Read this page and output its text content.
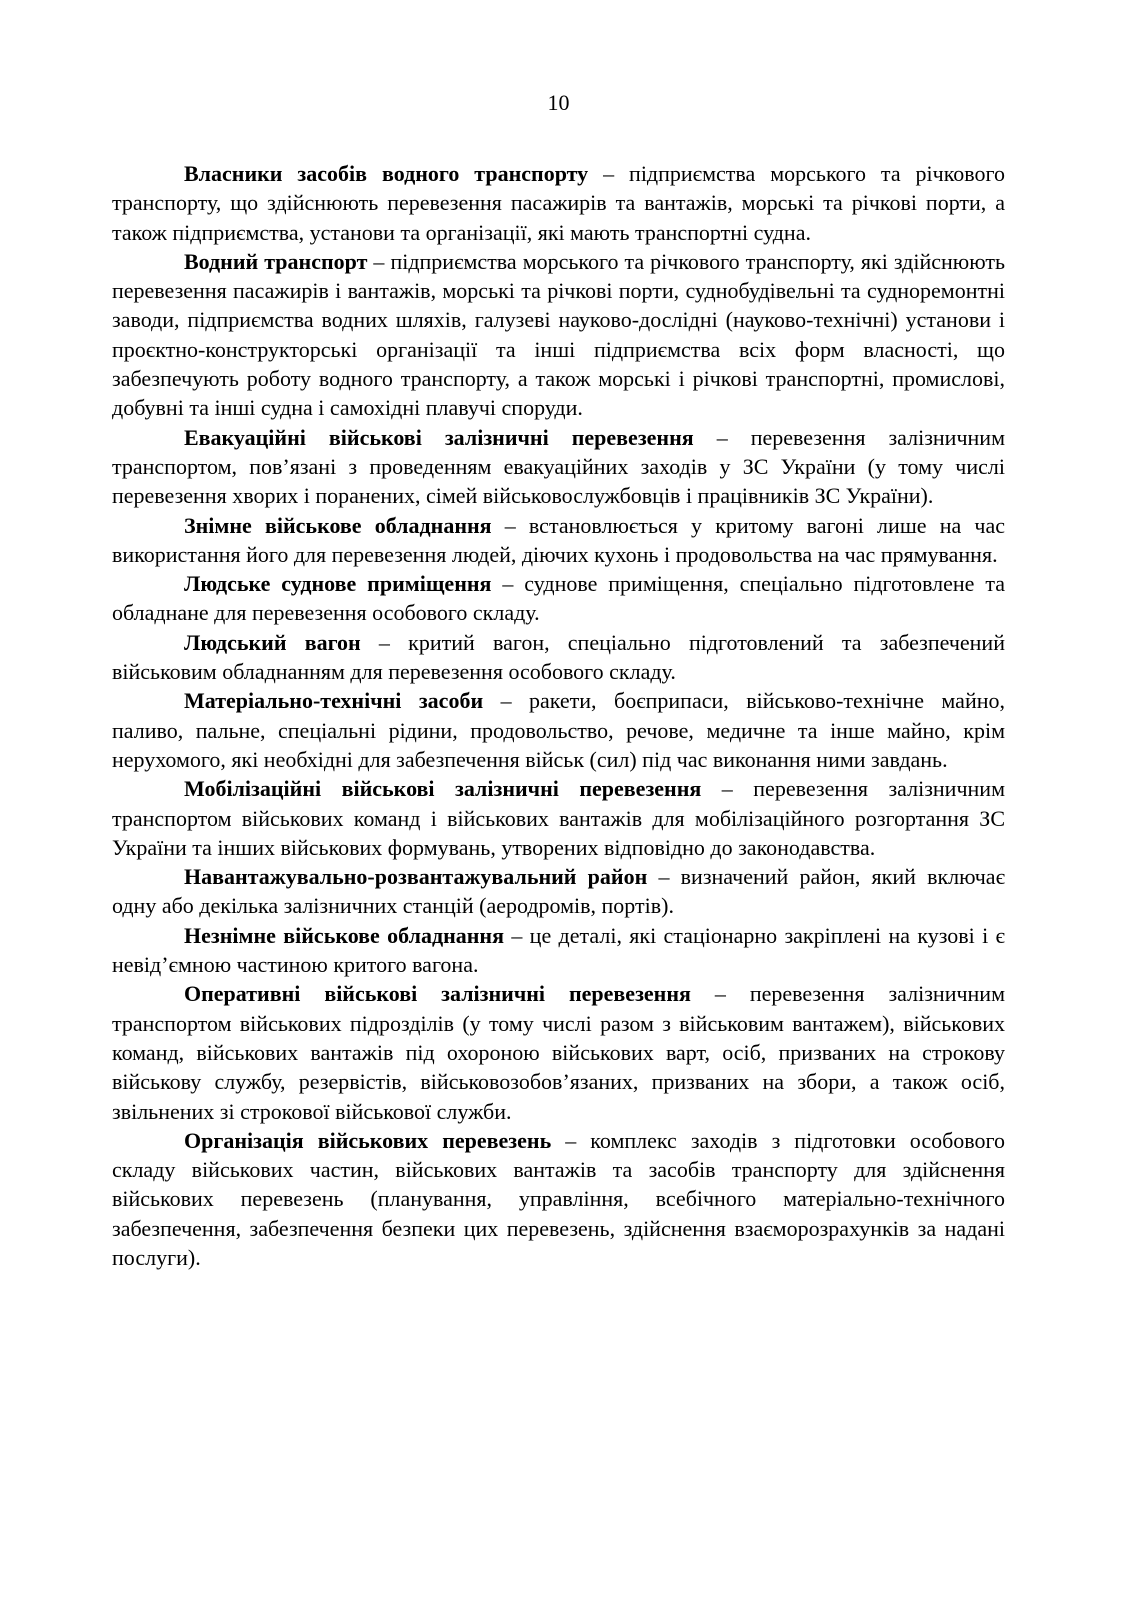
10

Власники засобів водного транспорту – підприємства морського та річкового транспорту, що здійснюють перевезення пасажирів та вантажів, морські та річкові порти, а також підприємства, установи та організації, які мають транспортні судна.

Водний транспорт – підприємства морського та річкового транспорту, які здійснюють перевезення пасажирів і вантажів, морські та річкові порти, суднобудівельні та судноремонтні заводи, підприємства водних шляхів, галузеві науково-дослідні (науково-технічні) установи і проєктно-конструкторські організації та інші підприємства всіх форм власності, що забезпечують роботу водного транспорту, а також морські і річкові транспортні, промислові, добувні та інші судна і самохідні плавучі споруди.

Евакуаційні військові залізничні перевезення – перевезення залізничним транспортом, пов’язані з проведенням евакуаційних заходів у ЗС України (у тому числі перевезення хворих і поранених, сімей військовослужбовців і працівників ЗС України).

Знімне військове обладнання – встановлюється у критому вагоні лише на час використання його для перевезення людей, діючих кухонь і продовольства на час прямування.

Людське суднове приміщення – суднове приміщення, спеціально підготовлене та обладнане для перевезення особового складу.

Людський вагон – критий вагон, спеціально підготовлений та забезпечений військовим обладнанням для перевезення особового складу.

Матеріально-технічні засоби – ракети, боєприпаси, військово-технічне майно, паливо, пальне, спеціальні рідини, продовольство, речове, медичне та інше майно, крім нерухомого, які необхідні для забезпечення військ (сил) під час виконання ними завдань.

Мобілізаційні військові залізничні перевезення – перевезення залізничним транспортом військових команд і військових вантажів для мобілізаційного розгортання ЗС України та інших військових формувань, утворених відповідно до законодавства.

Навантажувально-розвантажувальний район – визначений район, який включає одну або декілька залізничних станцій (аеродромів, портів).

Незнімне військове обладнання – це деталі, які стаціонарно закріплені на кузові і є невід’ємною частиною критого вагона.

Оперативні військові залізничні перевезення – перевезення залізничним транспортом військових підрозділів (у тому числі разом з військовим вантажем), військових команд, військових вантажів під охороною військових варт, осіб, призваних на строкову військову службу, резервістів, військовозобов’язаних, призваних на збори, а також осіб, звільнених зі строкової військової служби.

Організація військових перевезень – комплекс заходів з підготовки особового складу військових частин, військових вантажів та засобів транспорту для здійснення військових перевезень (планування, управління, всебічного матеріально-технічного забезпечення, забезпечення безпеки цих перевезень, здійснення взаєморозрахунків за надані послуги).
